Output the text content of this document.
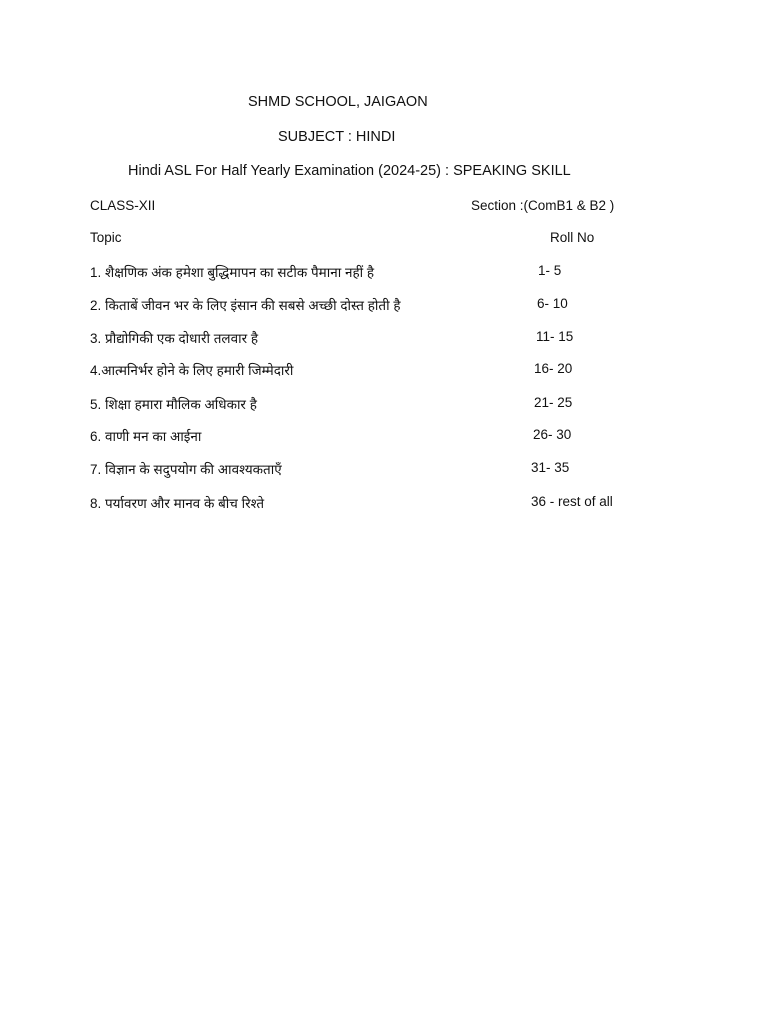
SHMD SCHOOL, JAIGAON
SUBJECT : HINDI
Hindi ASL For Half Yearly Examination (2024-25) : SPEAKING SKILL
CLASS-XII	Section :(ComB1 & B2 )
Topic	Roll No
1. शैक्षणिक अंक हमेशा बुद्धिमापन का सटीक पैमाना नहीं है	1- 5
2. किताबें जीवन भर के लिए इंसान की सबसे अच्छी दोस्त होती है	6- 10
3. प्रौद्योगिकी एक दोधारी तलवार है	11- 15
4.आत्मनिर्भर होने के लिए हमारी जिम्मेदारी	16- 20
5. शिक्षा हमारा मौलिक अधिकार है	21- 25
6. वाणी मन का आईना	26- 30
7. विज्ञान के सदुपयोग की आवश्यकताएँ	31- 35
8. पर्यावरण और मानव के बीच रिश्ते	36 - rest of all
